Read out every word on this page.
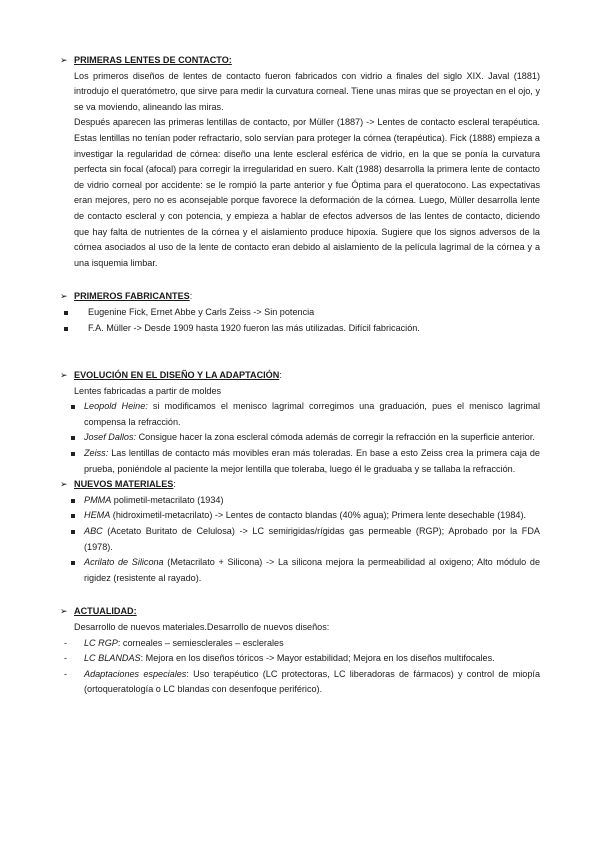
➢ PRIMERAS LENTES DE CONTACTO:
Los primeros diseños de lentes de contacto fueron fabricados con vidrio a finales del siglo XIX. Javal (1881) introdujo el queratómetro, que sirve para medir la curvatura corneal. Tiene unas miras que se proyectan en el ojo, y se va moviendo, alineando las miras.
Después aparecen las primeras lentillas de contacto, por Müller (1887) -> Lentes de contacto escleral terapéutica. Estas lentillas no tenían poder refractario, solo servían para proteger la córnea (terapéutica). Fick (1888) empieza a investigar la regularidad de córnea: diseño una lente escleral esférica de vidrio, en la que se ponía la curvatura perfecta sin focal (afocal) para corregir la irregularidad en suero. Kalt (1988) desarrolla la primera lente de contacto de vidrio corneal por accidente: se le rompió la parte anterior y fue Óptima para el queratocono. Las expectativas eran mejores, pero no es aconsejable porque favorece la deformación de la córnea. Luego, Müller desarrolla lente de contacto escleral y con potencia, y empieza a hablar de efectos adversos de las lentes de contacto, diciendo que hay falta de nutrientes de la córnea y el aislamiento produce hipoxia. Sugiere que los signos adversos de la córnea asociados al uso de la lente de contacto eran debido al aislamiento de la película lagrimal de la córnea y a una isquemia limbar.
➢ PRIMEROS FABRICANTES:
Eugenine Fick, Ernet Abbe y Carls Zeiss -> Sin potencia
F.A. Müller -> Desde 1909 hasta 1920 fueron las más utilizadas. Difícil fabricación.
➢ EVOLUCIÓN EN EL DISEÑO Y LA ADAPTACIÓN:
Lentes fabricadas a partir de moldes
Leopold Heine: si modificamos el menisco lagrimal corregimos una graduación, pues el menisco lagrimal compensa la refracción.
Josef Dallos: Consigue hacer la zona escleral cómoda además de corregir la refracción en la superficie anterior.
Zeiss: Las lentillas de contacto más movibles eran más toleradas. En base a esto Zeiss crea la primera caja de prueba, poniéndole al paciente la mejor lentilla que toleraba, luego él le graduaba y se tallaba la refracción.
➢ NUEVOS MATERIALES:
PMMA polimetil-metacrilato (1934)
HEMA (hidroximetil-metacrilato) -> Lentes de contacto blandas (40% agua); Primera lente desechable (1984).
ABC (Acetato Buritato de Celulosa) -> LC semirigidas/rígidas gas permeable (RGP); Aprobado por la FDA (1978).
Acrilato de Silicona (Metacrilato + Silicona) -> La silicona mejora la permeabilidad al oxigeno; Alto módulo de rigidez (resistente al rayado).
➢ ACTUALIDAD:
Desarrollo de nuevos materiales.Desarrollo de nuevos diseños:
- LC RGP: corneales – semiesclerales – esclerales
- LC BLANDAS: Mejora en los diseños tóricos -> Mayor estabilidad; Mejora en los diseños multifocales.
- Adaptaciones especiales: Uso terapéutico (LC protectoras, LC liberadoras de fármacos) y control de miopía (ortoqueratología o LC blandas con desenfoque periférico).
